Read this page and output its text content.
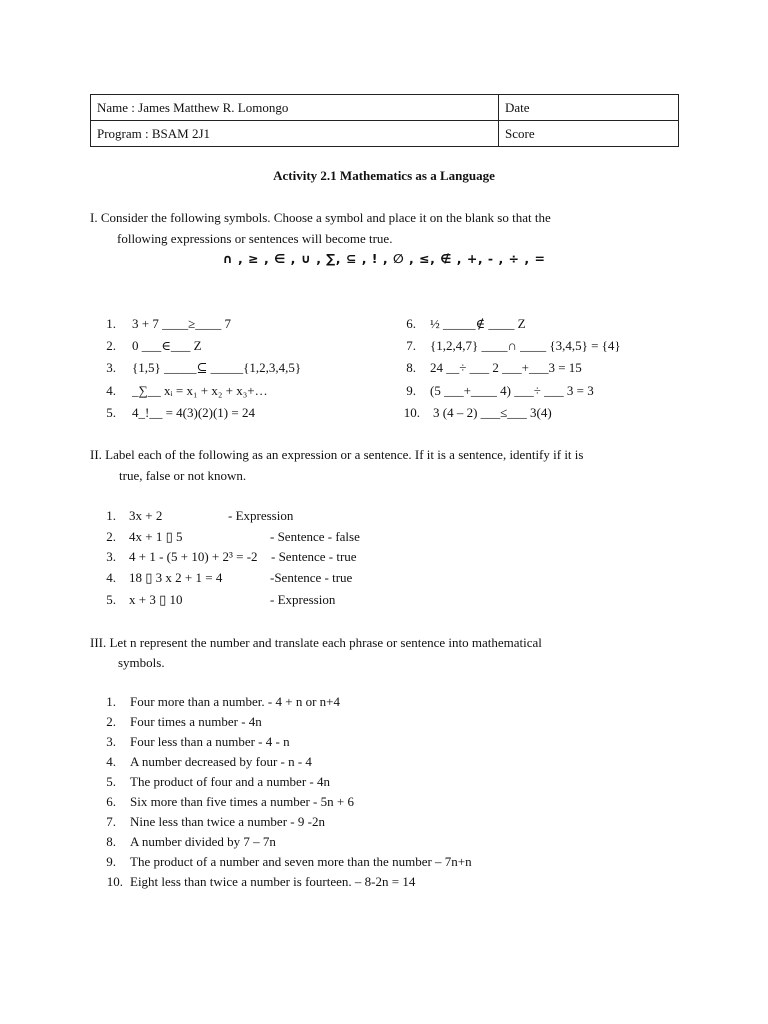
Name : James Matthew R. Lomongo	Date
Program : BSAM 2J1	Score
Activity 2.1 Mathematics as a Language
I. Consider the following symbols. Choose a symbol and place it on the blank so that the
following expressions or sentences will become true.
∩ , ≥ , ∈ , ∪ , ∑, ⊆ , ! , ∅ , ≤, ∉ , +, - , ÷ , =
1. 3 + 7 ____≥____ 7
2. 0 ___∈___ Z
3. {1,5} _____⊆ _____{1,2,3,4,5}
4. _∑__ xᵢ = x₁ + x₂ + x₃+…
5. 4_!__ = 4(3)(2)(1) = 24
6. ½ _____∉ ____ Z
7. {1,2,4,7} ____∩ ____ {3,4,5} = {4}
8. 24 __÷ ___ 2 ___+___3 = 15
9. (5 ___+____ 4) ___÷ ___ 3 = 3
10. 3 (4 – 2) ___≤___ 3(4)
II. Label each of the following as an expression or a sentence. If it is a sentence, identify if it is
true, false or not known.
1. 3x + 2	- Expression
2. 4x + 1 ▯ 5	- Sentence - false
3. 4 + 1 - (5 + 10) + 2³ = -2 - Sentence - true
4. 18 ▯ 3 x 2 + 1 = 4	-Sentence - true
5. x + 3 ▯ 10	- Expression
III. Let n represent the number and translate each phrase or sentence into mathematical
symbols.
1. Four more than a number. - 4 + n or n+4
2. Four times a number - 4n
3. Four less than a number - 4 - n
4. A number decreased by four - n - 4
5. The product of four and a number - 4n
6. Six more than five times a number - 5n + 6
7. Nine less than twice a number - 9 -2n
8. A number divided by 7 – 7n
9. The product of a number and seven more than the number – 7n+n
10. Eight less than twice a number is fourteen. – 8-2n = 14
